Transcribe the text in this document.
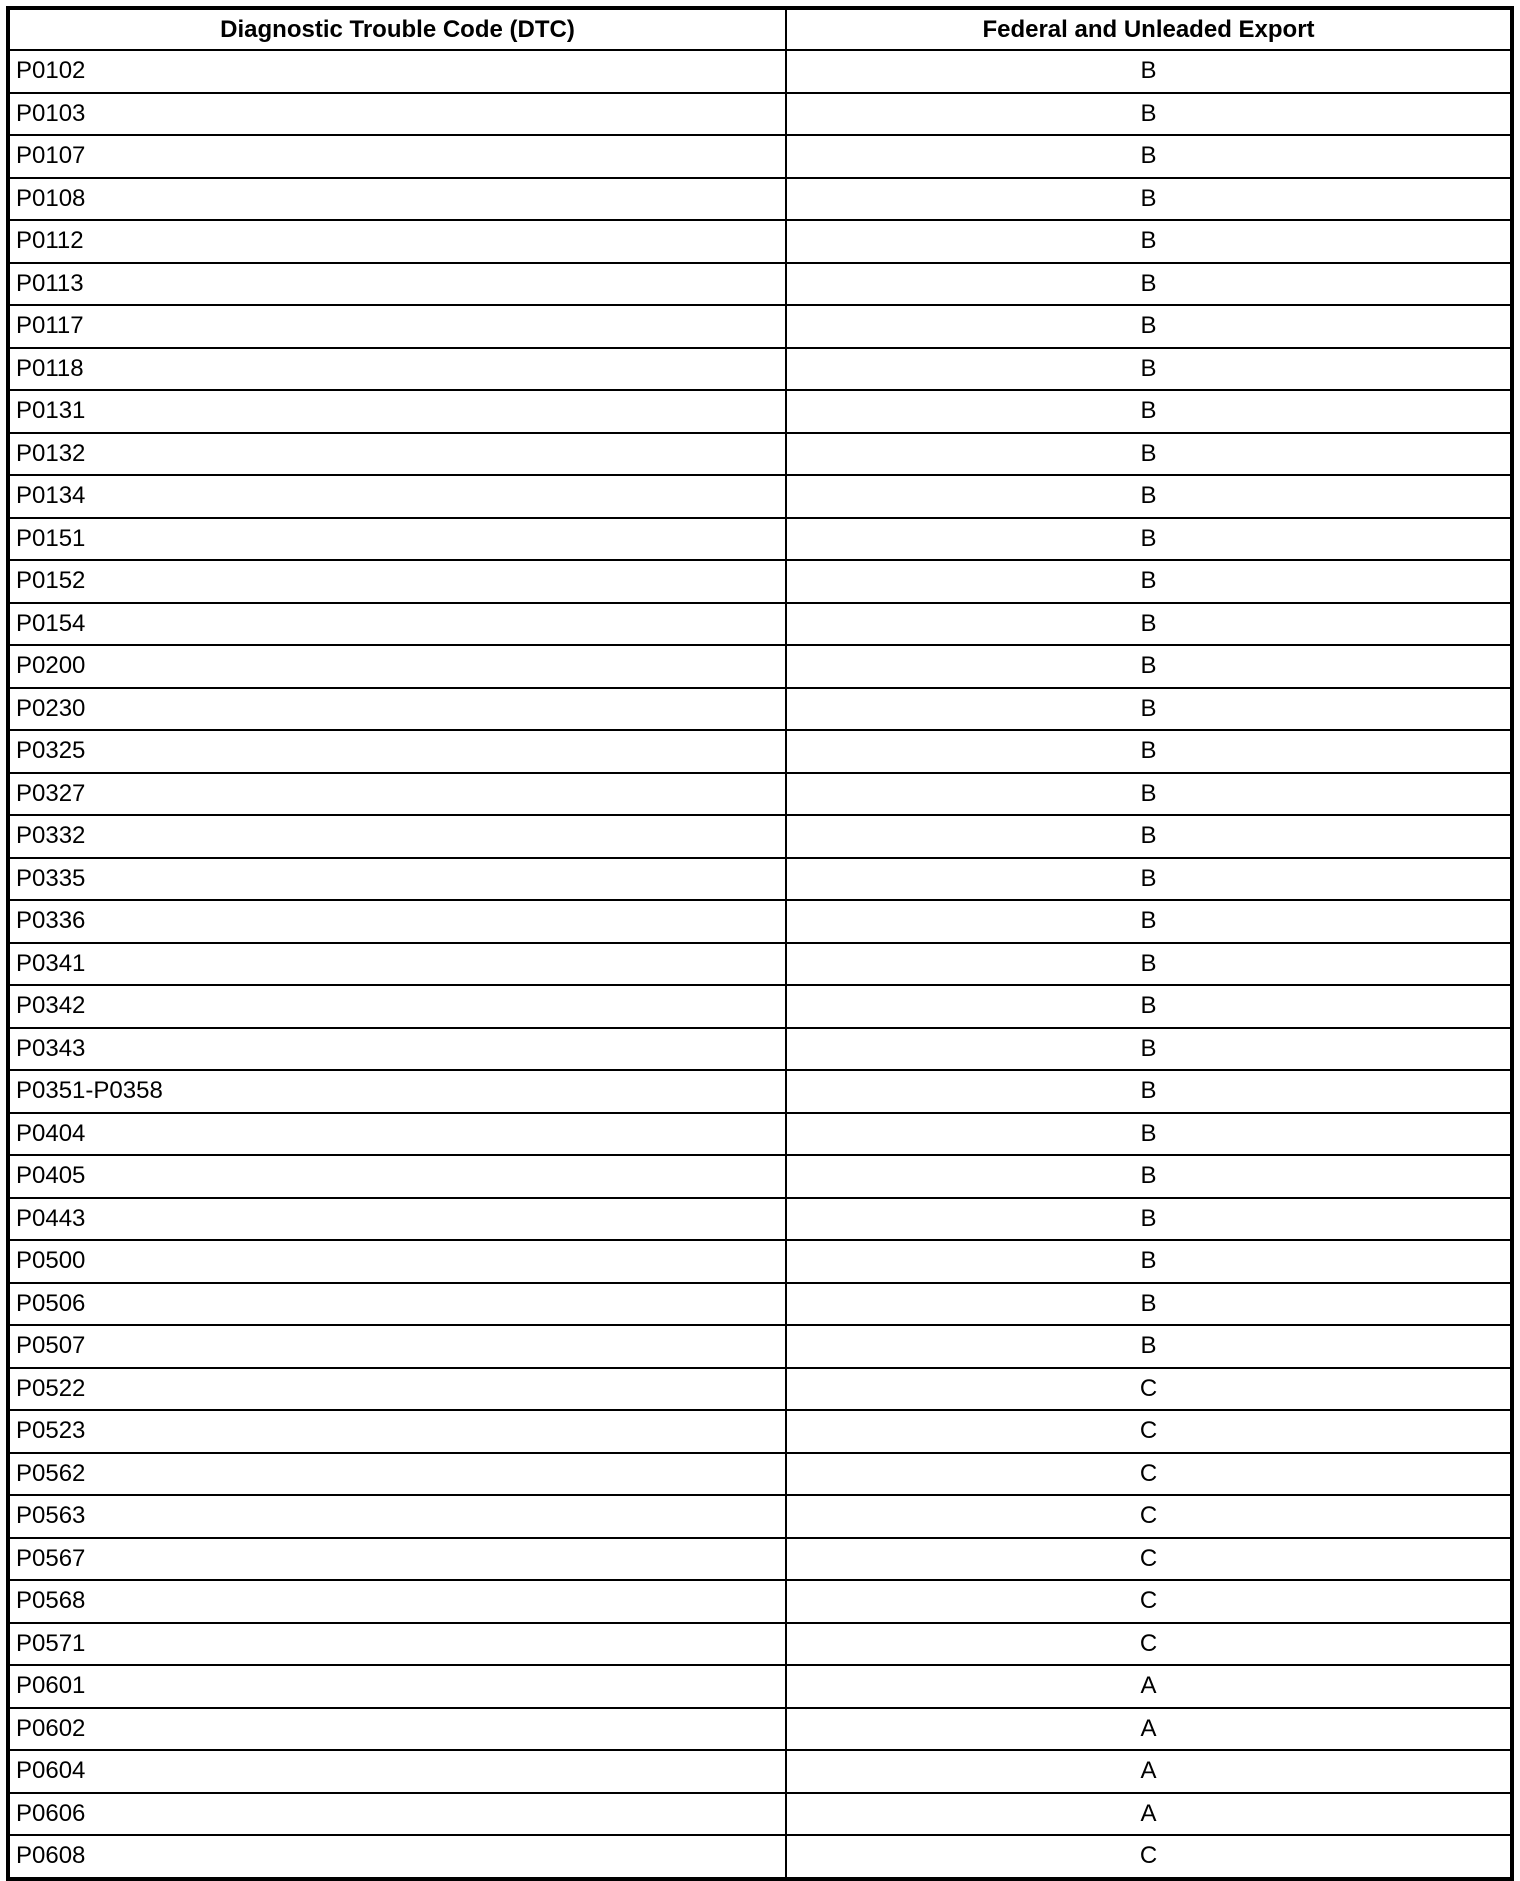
Diagnostic Trouble Code (DTC)	Federal and Unleaded Export
P0102	B
P0103	B
P0107	B
P0108	B
P0112	B
P0113	B
P0117	B
P0118	B
P0131	B
P0132	B
P0134	B
P0151	B
P0152	B
P0154	B
P0200	B
P0230	B
P0325	B
P0327	B
P0332	B
P0335	B
P0336	B
P0341	B
P0342	B
P0343	B
P0351-P0358	B
P0404	B
P0405	B
P0443	B
P0500	B
P0506	B
P0507	B
P0522	C
P0523	C
P0562	C
P0563	C
P0567	C
P0568	C
P0571	C
P0601	A
P0602	A
P0604	A
P0606	A
P0608	C
